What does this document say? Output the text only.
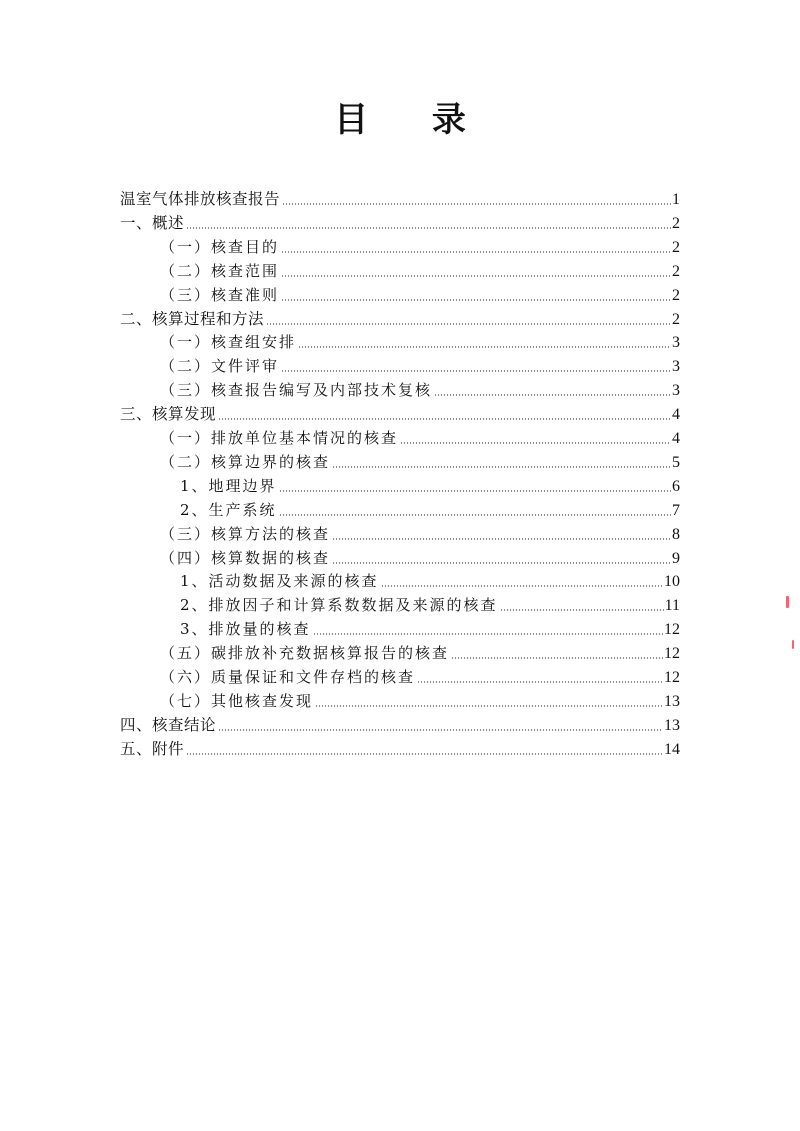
目 录
温室气体排放核查报告	1
一、概述	2
（一）核查目的	2
（二）核查范围	2
（三）核查准则	2
二、核算过程和方法	2
（一）核查组安排	3
（二）文件评审	3
（三）核查报告编写及内部技术复核	3
三、核算发现	4
（一）排放单位基本情况的核查	4
（二）核算边界的核查	5
1、地理边界	6
2、生产系统	7
（三）核算方法的核查	8
（四）核算数据的核查	9
1、活动数据及来源的核查	10
2、排放因子和计算系数数据及来源的核查	11
3、排放量的核查	12
（五）碳排放补充数据核算报告的核查	12
（六）质量保证和文件存档的核查	12
（七）其他核查发现	13
四、核查结论	13
五、附件	14
